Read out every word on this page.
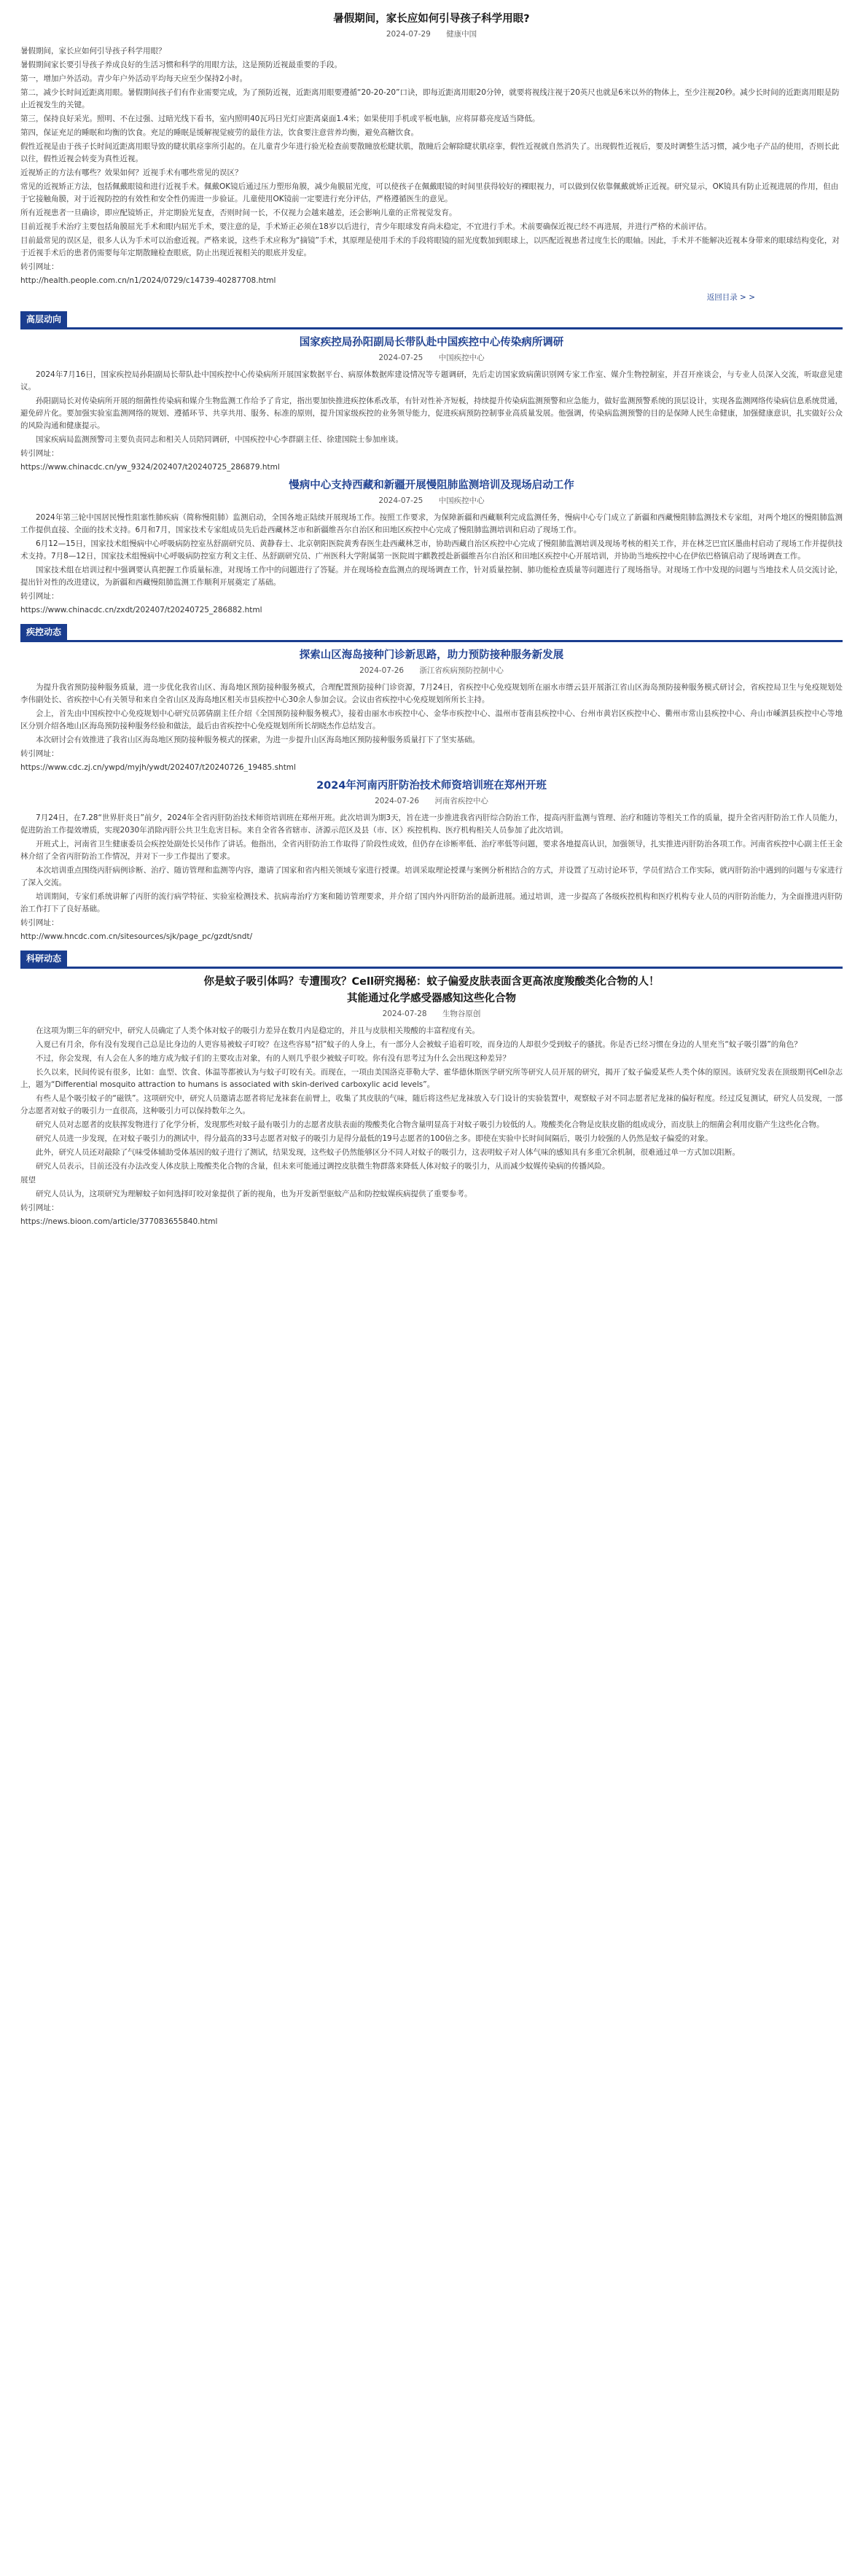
暑假期间，家长应如何引导孩子科学用眼?
2024-07-29 健康中国
暑假期间，家长应如何引导孩子科学用眼？
暑假期间家长要引导孩子养成良好的生活习惯和科学的用眼方法，这是预防近视最重要的手段。
第一，增加户外活动。青少年户外活动平均每天应至少保持2小时。
第二，减少长时间近距离用眼。暑假期间孩子们有作业需要完成，为了预防近视，近距离用眼要遵循“20-20-20”口诀，即每近距离用眼20分钟，就要将视线注视于20英尺也就是6米以外的物体上，至少注视20秒。减少长时间的近距离用眼是防止近视发生的关键。
第三，保持良好采光。照明、不在过强、过暗光线下看书，室内照明40瓦玛日光灯应距离桌面1.4米；如果使用手机或平板电脑，应将屏幕亮度适当降低。
第四，保证充足的睡眠和均衡的饮食。充足的睡眠是缓解视觉疲劳的最佳方法，饮食要注意营养均衡，避免高糖饮食。
假性近视是由于孩子长时间近距离用眼导致的睫状肌痉挛所引起的。在儿童青少年进行验光检查前要散瞳放松睫状肌，散瞳后会解除睫状肌痉挛，假性近视就自然消失了。出现假性近视后，要及时调整生活习惯，减少电子产品的使用，否则长此以往，假性近视会转变为真性近视。
近视矫正的方法有哪些？效果如何？近视手术有哪些常见的误区？
常见的近视矫正方法，包括佩戴眼镜和进行近视手术。佩戴OK镜后通过压力塑形角膜，减少角膜屈光度，可以使孩子在佩戴眼镜的时间里获得较好的裸眼视力，可以做到仅依靠佩戴就矫正近视。研究显示，OK镜具有防止近视进展的作用，但由于它接触角膜，对于近视防控的有效性和安全性仍需进一步验证。儿童使用OK镜前一定要进行充分评估，严格遵循医生的意见。
所有近视患者一旦确诊，即应配镜矫正，并定期验光复查，否则时间一长，不仅视力会越来越差，还会影响儿童的正常视觉发育。
目前近视手术治疗主要包括角膜屈光手术和眼内屈光手术，要注意的是，手术矫正必须在18岁以后进行，青少年眼球发育尚未稳定，不宜进行手术。术前要确保近视已经不再进展，并进行严格的术前评估。
目前最常见的误区是，很多人认为手术可以治愈近视。严格来说，这些手术应称为“摘镜”手术，其原理是使用手术的手段将眼镜的屈光度数加到眼球上，以匹配近视患者过度生长的眼轴。因此，手术并不能解决近视本身带来的眼球结构变化，对于近视手术后的患者仍需要每年定期散瞳检查眼底，防止出现近视相关的眼底并发症。
转引网址：
http://health.people.com.cn/n1/2024/0729/c14739-40287708.html
返回目录 > >
高层动向
国家疾控局孙阳副局长带队赴中国疾控中心传染病所调研
2024-07-25 中国疾控中心
2024年7月16日，国家疾控局孙阳副局长带队赴中国疾控中心传染病所开展国家数据平台、病原体数据库建设情况等专题调研，先后走访国家致病菌识别网专家工作室、媒介生物控制室，并召开座谈会，与专业人员深入交流，听取意见建议。
孙阳副局长对传染病所开展的细菌性传染病和媒介生物监测工作给予了肯定，指出要加快推进疾控体系改革，有针对性补齐短板，持续提升传染病监测预警和应急能力，做好监测预警系统的顶层设计，实现各监测网络传染病信息系统贯通，避免碎片化。要加强实验室监测网络的规划、遵循环节、共享共用、服务、标准的原则，提升国家级疾控的业务领导能力，促进疾病预防控制事业高质量发展。他强调，传染病监测预警的目的是保障人民生命健康，加强健康意识，扎实做好公众的风险沟通和健康提示。
国家疾病局监测预警司主要负责同志和相关人员陪同调研，中国疾控中心李群副主任、徐建国院士参加座谈。
转引网址：
https://www.chinacdc.cn/yw_9324/202407/t20240725_286879.html
慢病中心支持西藏和新疆开展慢阻肺监测培训及现场启动工作
2024-07-25 中国疾控中心
2024年第三轮中国居民慢性阻塞性肺疾病（简称慢阻肺）监测启动，全国各地正陆续开展现场工作。按照工作要求，为保障新疆和西藏顺利完成监测任务，慢病中心专门成立了新疆和西藏慢阻肺监测技术专家组，对两个地区的慢阻肺监测工作提供直接、全面的技术支持。6月和7月，国家技术专家组成员先后赴西藏林芝市和新疆维吾尔自治区和田地区疾控中心完成了慢阻肺监测培训和启动了现场工作。
6月12—15日，国家技术组慢病中心呼吸病防控室丛舒副研究员、黄静春士、北京朝阳医院黄秀春医生赴西藏林芝市，协助西藏自治区疾控中心完成了慢阻肺监测培训及现场考核的相关工作，并在林芝巴宜区墨曲村启动了现场工作并提供技术支持。7月8—12日，国家技术组慢病中心呼吸病防控室方利文主任、丛舒副研究员、广州医科大学附属第一医院周宇麒教授赴新疆维吾尔自治区和田地区疾控中心开展培训，并协助当地疾控中心在伊依巴格镇启动了现场调查工作。
国家技术组在培训过程中强调要认真把握工作质量标准，对现场工作中的问题进行了答疑。并在现场检查监测点的现场调查工作，针对质量控制、肺功能检查质量等问题进行了现场指导。对现场工作中发现的问题与当地技术人员交流讨论，提出针对性的改进建议，为新疆和西藏慢阻肺监测工作顺利开展奠定了基础。
转引网址：
https://www.chinacdc.cn/zxdt/202407/t20240725_286882.html
疾控动态
探索山区海岛接种门诊新思路，助力预防接种服务新发展
2024-07-26 浙江省疾病预防控制中心
为提升我省预防接种服务质量，进一步优化我省山区、海岛地区预防接种服务模式，合理配置预防接种门诊资源，7月24日，省疾控中心免疫规划所在丽水市缙云县开展浙江省山区海岛预防接种服务模式研讨会，省疾控局卫生与免疫规划处李伟副处长、省疾控中心有关领导和来自全省山区及海岛地区相关市县疾控中心30余人参加会议。会议由省疾控中心免疫规划所所长主持。
会上，首先由中国疾控中心免疫规划中心研究员郭倩副主任介绍《全国预防接种服务模式》，接着由丽水市疾控中心、金华市疾控中心、温州市苍南县疾控中心、台州市黄岩区疾控中心、衢州市常山县疾控中心、舟山市嵊泗县疾控中心等地区分别介绍各地山区海岛预防接种服务经验和做法，最后由省疾控中心免疫规划所所长胡晓杰作总结发言。
本次研讨会有效推进了我省山区海岛地区预防接种服务模式的探索，为进一步提升山区海岛地区预防接种服务质量打下了坚实基础。
转引网址：
https://www.cdc.zj.cn/ywpd/myjh/ywdt/202407/t20240726_19485.shtml
2024年河南丙肝防治技术师资培训班在郑州开班
2024-07-26 河南省疾控中心
7月24日，在7.28“世界肝炎日”前夕，2024年全省丙肝防治技术师资培训班在郑州开班。此次培训为期3天，旨在进一步推进我省丙肝综合防治工作，提高丙肝监测与管理、治疗和随访等相关工作的质量，提升全省丙肝防治工作人员能力，促进防治工作提效增质，实现2030年消除丙肝公共卫生危害目标。来自全省各省辖市、济源示范区及县（市、区）疾控机构、医疗机构相关人员参加了此次培训。
开班式上，河南省卫生健康委员会疾控处副处长吴伟作了讲话。他指出，全省丙肝防治工作取得了阶段性成效，但仍存在诊断率低、治疗率低等问题，要求各地提高认识，加强领导，扎实推进丙肝防治各项工作。河南省疾控中心副主任王金林介绍了全省丙肝防治工作情况，并对下一步工作提出了要求。
本次培训重点围绕丙肝病例诊断、治疗、随访管理和监测等内容，邀请了国家和省内相关领域专家进行授课。培训采取理论授课与案例分析相结合的方式，并设置了互动讨论环节，学员们结合工作实际，就丙肝防治中遇到的问题与专家进行了深入交流。
培训期间，专家们系统讲解了丙肝的流行病学特征、实验室检测技术、抗病毒治疗方案和随访管理要求，并介绍了国内外丙肝防治的最新进展。通过培训，进一步提高了各级疾控机构和医疗机构专业人员的丙肝防治能力，为全面推进丙肝防治工作打下了良好基础。
转引网址：
http://www.hncdc.com.cn/sitesources/sjk/page_pc/gzdt/sndt/
科研动态
你是蚊子吸引体吗？专遭围攻？Cell研究揭秘：蚊子偏爱皮肤表面含更高浓度羧酸类化合物的人！
其能通过化学感受器感知这些化合物
2024-07-28 生物谷原创
在这项为期三年的研究中，研究人员确定了人类个体对蚊子的吸引力差异在数月内是稳定的，并且与皮肤相关羧酸的丰富程度有关。
入夏已有月余，你有没有发现自己总是比身边的人更容易被蚊子叮咬？在这些容易“招”蚊子的人身上，有一部分人会被蚊子追着叮咬，而身边的人却很少受到蚊子的骚扰。你是否已经习惯在身边的人里充当“蚊子吸引器”的角色？
不过，你会发现，有人会在人多的地方成为蚊子们的主要攻击对象，有的人则几乎很少被蚊子叮咬。你有没有思考过为什么会出现这种差异？
长久以来，民间传说有很多，比如：血型、饮食、体温等都被认为与蚊子叮咬有关。而现在，一项由美国洛克菲勒大学、霍华德休斯医学研究所等研究人员开展的研究，揭开了蚊子偏爱某些人类个体的原因。该研究发表在顶级期刊Cell杂志上，题为“Differential mosquito attraction to humans is associated with skin-derived carboxylic acid levels”。
有些人是个吸引蚊子的“磁铁”。这项研究中，研究人员邀请志愿者将尼龙袜套在前臂上，收集了其皮肤的气味，随后将这些尼龙袜放入专门设计的实验装置中，观察蚊子对不同志愿者尼龙袜的偏好程度。经过反复测试，研究人员发现，一部分志愿者对蚊子的吸引力一直很高，这种吸引力可以保持数年之久。
研究人员对志愿者的皮肤挥发物进行了化学分析，发现那些对蚊子最有吸引力的志愿者皮肤表面的羧酸类化合物含量明显高于对蚊子吸引力较低的人。羧酸类化合物是皮肤皮脂的组成成分，而皮肤上的细菌会利用皮脂产生这些化合物。
研究人员进一步发现，在对蚊子吸引力的测试中，得分最高的33号志愿者对蚊子的吸引力是得分最低的19号志愿者的100倍之多。即使在实验中长时间间隔后，吸引力较强的人仍然是蚊子偏爱的对象。
此外，研究人员还对敲除了气味受体辅助受体基因的蚊子进行了测试，结果发现，这些蚊子仍然能够区分不同人对蚊子的吸引力，这表明蚊子对人体气味的感知具有多重冗余机制，很难通过单一方式加以阻断。
研究人员表示，目前还没有办法改变人体皮肤上羧酸类化合物的含量，但未来可能通过调控皮肤微生物群落来降低人体对蚊子的吸引力，从而减少蚊媒传染病的传播风险。
展望
研究人员认为，这项研究为理解蚊子如何选择叮咬对象提供了新的视角，也为开发新型驱蚊产品和防控蚊媒疾病提供了重要参考。
转引网址：
https://news.bioon.com/article/377083655840.html
